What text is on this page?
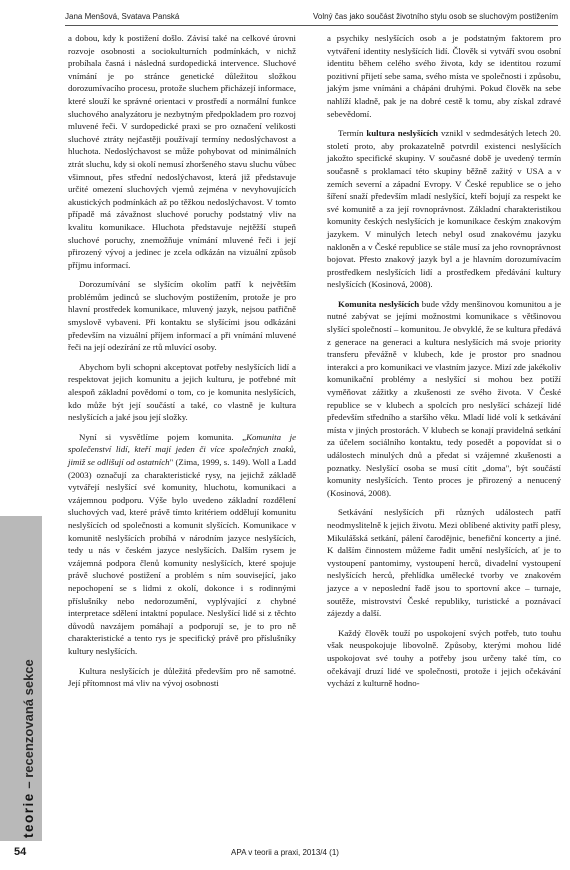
Jana Menšová, Svatava Panská	Volný čas jako součást životního stylu osob se sluchovým postižením
teorie – recenzovaná sekce

a dobou, kdy k postižení došlo. Závisí také na celkové úrovni rozvoje osobnosti a sociokulturních podmínkách, v nichž probíhala časná i následná surdopedická intervence. Sluchové vnímání je po stránce genetické důležitou složkou dorozumívacího procesu, protože sluchem přicházejí informace, které slouží ke správné orientaci v prostředí a normální funkce sluchového analyzátoru je nezbytným předpokladem pro rozvoj mluvené řeči. V surdopedické praxi se pro označení velikosti sluchové ztráty nejčastěji používají termíny nedoslýchavost a hluchota. Nedoslýchavost se může pohybovat od minimálních ztrát sluchu, kdy si okolí nemusí zhoršeného stavu sluchu vůbec všimnout, přes střední nedoslýchavost, která již představuje určité omezení sluchových vjemů zejména v nevyhovujících akustických podmínkách až po těžkou nedoslýchavost. V tomto případě má závažnost sluchové poruchy podstatný vliv na kvalitu komunikace. Hluchota představuje nejtěžší stupeň sluchové poruchy, znemožňuje vnímání mluvené řeči i její přirozený vývoj a jedinec je zcela odkázán na vizuální způsob příjmu informací.

Dorozumívání se slyšícím okolím patří k největším problémům jedinců se sluchovým postižením, protože je pro hlavní prostředek komunikace, mluvený jazyk, nejsou patřičně smyslově vybaveni. Při kontaktu se slyšícími jsou odkázáni především na vizuální příjem informací a při vnímání mluvené řeči na její odezírání ze rtů mluvící osoby.

Abychom byli schopni akceptovat potřeby neslyšících lidí a respektovat jejich komunitu a jejich kulturu, je potřebné mít alespoň základní povědomí o tom, co je komunita neslyšících, kdo může být její součástí a také, co vlastně je kultura neslyšících a jaké jsou její složky.

Nyní si vysvětlíme pojem komunita. „Komunita je společenství lidí, kteří mají jeden či více společných znaků, jimiž se odlišují od ostatních" (Zima, 1999, s. 149). Woll a Ladd (2003) označují za charakteristické rysy, na jejichž základě vytvářejí neslyšící své komunity, hluchotu, komunikaci a vzájemnou podporu. Výše bylo uvedeno základní rozdělení sluchových vad, které právě tímto kritériem oddělují komunitu neslyšících od společnosti a komunit slyšících. Komunikace v komunitě neslyšících probíhá v národním jazyce neslyšících, tedy u nás v českém jazyce neslyšících. Dalším rysem je vzájemná podpora členů komunity neslyšících, které spojuje právě sluchové postižení a problém s ním související, jako nepochopení se s lidmi z okolí, dokonce i s rodinnými příslušníky nebo nedorozumění, vyplývající z chybné interpretace sdělení intaktní populace. Neslyšící lidé si z těchto důvodů navzájem pomáhají a podporují se, je to pro ně charakteristické a tento rys je specifický právě pro příslušníky kultury neslyšících.

Kultura neslyšících je důležitá především pro ně samotné. Její přítomnost má vliv na vývoj osobnosti

a psychiky neslyšících osob a je podstatným faktorem pro vytváření identity neslyšících lidí. Člověk si vytváří svou osobní identitu během celého svého života, kdy se identitou rozumí pozitivní přijetí sebe sama, svého místa ve společnosti i způsobu, jakým jsme vnímáni a chápáni druhými. Pokud člověk na sebe nahlíží kladně, pak je na dobré cestě k tomu, aby získal zdravé sebevědomí.

Termín kultura neslyšících vznikl v sedmdesátých letech 20. století proto, aby prokazatelně potvrdil existenci neslyšících jakožto specifické skupiny. V současné době je uvedený termín současně s proklamací této skupiny běžně zažitý v USA a v zemích severní a západní Evropy. V České republice se o jeho šíření snaží především mladí neslyšící, kteří bojují za respekt ke své komunitě a za její rovnoprávnost. Základní charakteristikou komunity českých neslyšících je komunikace českým znakovým jazykem. V minulých letech nebyl osud znakovému jazyku nakloněn a v České republice se stále musí za jeho rovnoprávnost bojovat. Přesto znakový jazyk byl a je hlavním dorozumívacím prostředkem neslyšících lidí a prostředkem předávání kultury neslyšících (Kosinová, 2008).

Komunita neslyšících bude vždy menšinovou komunitou a je nutné zabývat se jejími možnostmi komunikace s většinovou slyšící společností – komunitou. Je obvyklé, že se kultura předává z generace na generaci a kultura neslyšících má svoje priority transferu převážně v klubech, kde je prostor pro snadnou interakci a pro komunikaci ve vlastním jazyce. Mizí zde jakékoliv komunikační problémy a neslyšící si mohou bez potíží vyměňovat zážitky a zkušenosti ze svého života. V České republice se v klubech a spolcích pro neslyšící scházejí lidé především středního a staršího věku. Mladí lidé volí k setkávání místa v jiných prostorách. V klubech se konají pravidelná setkání za účelem sociálního kontaktu, tedy posedět a popovídat si o událostech minulých dnů a předat si vzájemné zkušenosti a poznatky. Neslyšící osoba se musí cítit „doma", být součástí komunity neslyšících. Tento proces je přirozený a nenucený (Kosinová, 2008).

Setkávání neslyšících při různých událostech patří neodmyslitelně k jejich životu. Mezi oblíbené aktivity patří plesy, Mikulášská setkání, pálení čarodějnic, benefiční koncerty a jiné. K dalším činnostem můžeme řadit umění neslyšících, ať je to vystoupení pantomimy, vystoupení herců, divadelní vystoupení neslyšících herců, přehlídka umělecké tvorby ve znakovém jazyce a v neposlední řadě jsou to sportovní akce – turnaje, soutěže, mistrovství České republiky, turistické a poznávací zájezdy a další.

Každý člověk touží po uspokojení svých potřeb, tuto touhu však neuspokojuje libovolně. Způsoby, kterými mohou lidé uspokojovat své touhy a potřeby jsou určeny také tím, co očekávají druzí lidé ve společnosti, protože i jejich očekávání vychází z kulturně hodno-

54	APA v teorii a praxi, 2013/4 (1)
